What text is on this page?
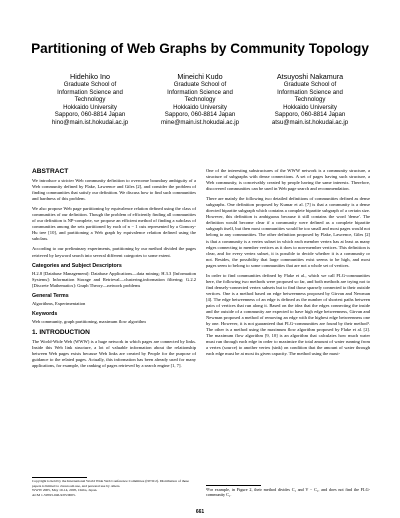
Partitioning of Web Graphs by Community Topology
Hidehiko Ino
Graduate School of
Information Science and
Technology
Hokkaido University
Sapporo, 060-8814 Japan
hino@main.ist.hokudai.ac.jp
Mineichi Kudo
Graduate School of
Information Science and
Technology
Hokkaido University
Sapporo, 060-8814 Japan
mine@main.ist.hokudai.ac.jp
Atsuyoshi Nakamura
Graduate School of
Information Science and
Technology
Hokkaido University
Sapporo, 060-8814 Japan
atsu@main.ist.hokudai.ac.jp
ABSTRACT
We introduce a stricter Web community definition to overcome boundary ambiguity of a Web community defined by Flake, Lawrence and Giles [2], and consider the problem of finding communities that satisfy our definition. We discuss how to find such communities and hardness of this problem.
We also propose Web page partitioning by equivalence relation defined using the class of communities of our definition. Though the problem of efficiently finding all communities of our definition is NP-complete, we propose an efficient method of finding a subclass of communities among the sets partitioned by each of n − 1 cuts represented by a Gomory-Hu tree [10], and partitioning a Web graph by equivalence relation defined using the subclass.
According to our preliminary experiments, partitioning by our method divided the pages retrieved by keyword search into several different categories to some extent.
Categories and Subject Descriptors
H.2.8 [Database Management]: Database Applications—data mining; H.3.3 [Information Systems]: Information Storage and Retrieval—clustering,information filtering; G.2.2 [Discrete Mathematics]: Graph Theory—network problems
General Terms
Algorithms, Experimentation
Keywords
Web community, graph partitioning, maximum flow algorithm
1. INTRODUCTION
The World-Wide Web (WWW) is a huge network in which pages are connected by links. Inside this Web link structure, a lot of valuable information about the relationship between Web pages exists because Web links are created by People for the purpose of guidance to the related pages. Actually, this information has been already used for many applications, for example, the ranking of pages retrieved by a search engine [1, 7].
Copyright is held by the International World Wide Web Conference Committee (IW3C2). Distribution of these papers is limited to classroom use, and personal use by others.
WWW 2005, May 10-14, 2005, Chiba, Japan.
ACM 1-59593-046-9/05/0005.
One of the interesting substructures of the WWW network is a community structure, a structure of subgraphs with dense connections. A set of pages having such structure, a Web community, is conceivably created by people having the same interests. Therefore, discovered communities can be used in Web page search and recommendation.
There are mainly the following two detailed definitions of communities defined as dense subgraphs. One definition proposed by Kumar et al. [7] is that a community is a dense directed bipartite subgraph which contains a complete bipartite subgraph of a certain size. However, this definition is ambiguous because it still contains the word 'dense'. The definition would become clear if a community were defined as a complete bipartite subgraph itself, but then most communities would be too small and most pages would not belong to any communities. The other definition proposed by Flake, Lawrence, Giles [2] is that a community is a vertex subset in which each member vertex has at least as many edges connecting to member vertices as it does to non-member vertices. This definition is clear, and for every vertex subset, it is possible to decide whether it is a community or not. Besides, the possibility that large communities exist seems to be high, and most pages seem to belong to some communities that are not a whole set of vertices.
In order to find communities defined by Flake et al., which we call FLG-communities here, the following two methods were proposed so far, and both methods are trying not to find densely-connected vertex subsets but to find those sparsely connected to their outside vertices. One is a method based on edge betweenness proposed by Girvan and Newman [4]. The edge betweenness of an edge is defined as the number of shortest paths between pairs of vertices that run along it. Based on the idea that the edges connecting the inside and the outside of a community are expected to have high edge betweenness, Girvan and Newman proposed a method of removing an edge with the highest edge betweenness one by one. However, it is not guaranteed that FLG-communities are found by their method¹. The other is a method using the maximum flow algorithm proposed by Flake et al. [2]. The maximum flow algorithm [9, 10] is an algorithm that calculates how much water must run through each edge in order to maximize the total amount of water running from a vertex (source) to another vertex (sink) on condition that the amount of water through each edge must be at most its given capacity. The method using the maxi-
¹For example, in Figure 2, their method divides C₁ and V − C₁, and does not find the FLG-community C₁.
661
